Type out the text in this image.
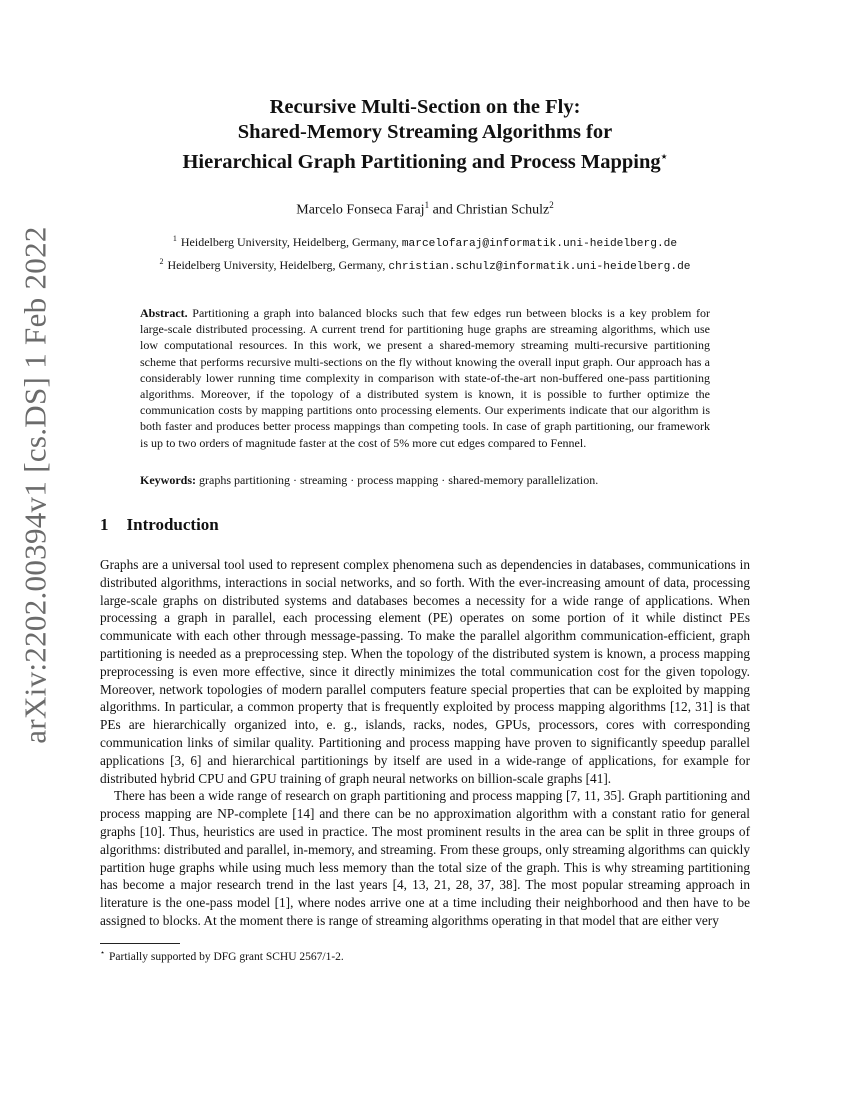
arXiv:2202.00394v1 [cs.DS] 1 Feb 2022
Recursive Multi-Section on the Fly:
Shared-Memory Streaming Algorithms for
Hierarchical Graph Partitioning and Process Mapping⋆
Marcelo Fonseca Faraj$^1$ and Christian Schulz$^2$
$^1$ Heidelberg University, Heidelberg, Germany, marcelofaraj@informatik.uni-heidelberg.de
$^2$ Heidelberg University, Heidelberg, Germany, christian.schulz@informatik.uni-heidelberg.de
Abstract. Partitioning a graph into balanced blocks such that few edges run between blocks is a key problem for large-scale distributed processing. A current trend for partitioning huge graphs are streaming algorithms, which use low computational resources. In this work, we present a shared-memory streaming multi-recursive partitioning scheme that performs recursive multi-sections on the fly without knowing the overall input graph. Our approach has a considerably lower running time complexity in comparison with state-of-the-art non-buffered one-pass partitioning algorithms. Moreover, if the topology of a distributed system is known, it is possible to further optimize the communication costs by mapping partitions onto processing elements. Our experiments indicate that our algorithm is both faster and produces better process mappings than competing tools. In case of graph partitioning, our framework is up to two orders of magnitude faster at the cost of 5% more cut edges compared to Fennel.
Keywords: graphs partitioning · streaming · process mapping · shared-memory parallelization.
1 Introduction

Graphs are a universal tool used to represent complex phenomena such as dependencies in databases, communications in distributed algorithms, interactions in social networks, and so forth. With the ever-increasing amount of data, processing large-scale graphs on distributed systems and databases becomes a necessity for a wide range of applications. When processing a graph in parallel, each processing element (PE) operates on some portion of it while distinct PEs communicate with each other through message-passing. To make the parallel algorithm communication-efficient, graph partitioning is needed as a preprocessing step. When the topology of the distributed system is known, a process mapping preprocessing is even more effective, since it directly minimizes the total communication cost for the given topology. Moreover, network topologies of modern parallel computers feature special properties that can be exploited by mapping algorithms. In particular, a common property that is frequently exploited by process mapping algorithms [12, 31] is that PEs are hierarchically organized into, e. g., islands, racks, nodes, GPUs, processors, cores with corresponding communication links of similar quality. Partitioning and process mapping have proven to significantly speedup parallel applications [3, 6] and hierarchical partitionings by itself are used in a wide-range of applications, for example for distributed hybrid CPU and GPU training of graph neural networks on billion-scale graphs [41].

There has been a wide range of research on graph partitioning and process mapping [7, 11, 35]. Graph partitioning and process mapping are NP-complete [14] and there can be no approximation algorithm with a constant ratio for general graphs [10]. Thus, heuristics are used in practice. The most prominent results in the area can be split in three groups of algorithms: distributed and parallel, in-memory, and streaming. From these groups, only streaming algorithms can quickly partition huge graphs while using much less memory than the total size of the graph. This is why streaming partitioning has become a major research trend in the last years [4, 13, 21, 28, 37, 38]. The most popular streaming approach in literature is the one-pass model [1], where nodes arrive one at a time including their neighborhood and then have to be assigned to blocks. At the moment there is range of streaming algorithms operating in that model that are either very

⋆ Partially supported by DFG grant SCHU 2567/1-2.
